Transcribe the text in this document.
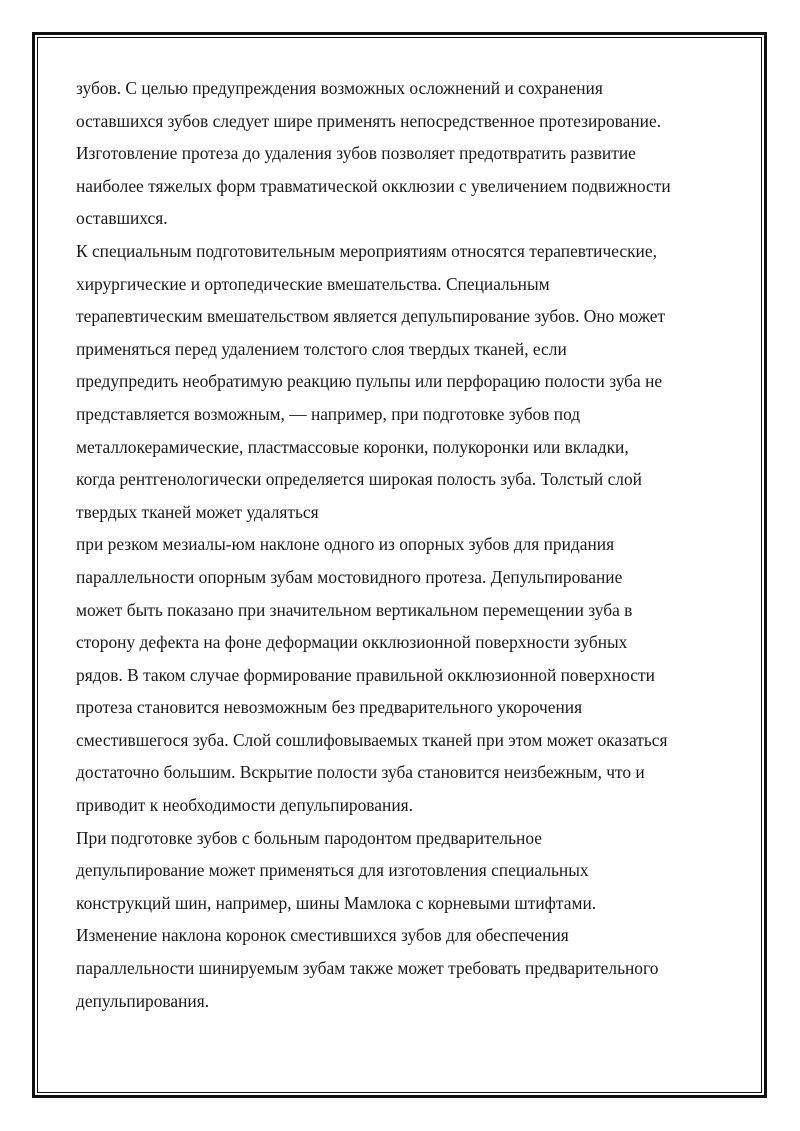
зубов. С целью предупреждения возможных осложнений и сохранения
оставшихся зубов следует шире применять непосредственное протезирование.
Изготовление протеза до удаления зубов позволяет предотвратить развитие
наиболее тяжелых форм травматической окклюзии с увеличением подвижности
оставшихся.
К специальным подготовительным мероприятиям относятся терапевтические,
хирургические и ортопедические вмешательства. Специальным
терапевтическим вмешательством является депульпирование зубов. Оно может
применяться перед удалением толстого слоя твердых тканей, если
предупредить необратимую реакцию пульпы или перфорацию полости зуба не
представляется возможным, — например, при подготовке зубов под
металлокерамические, пластмассовые коронки, полукоронки или вкладки,
когда рентгенологически определяется широкая полость зуба. Толстый слой
твердых тканей может удаляться
при резком мезиалы-юм наклоне одного из опорных зубов для придания
параллельности опорным зубам мостовидного протеза. Депульпирование
может быть показано при значительном вертикальном перемещении зуба в
сторону дефекта на фоне деформации окклюзионной поверхности зубных
рядов. В таком случае формирование правильной окклюзионной поверхности
протеза становится невозможным без предварительного укорочения
сместившегося зуба. Слой сошлифовываемых тканей при этом может оказаться
достаточно большим. Вскрытие полости зуба становится неизбежным, что и
приводит к необходимости депульпирования.
При подготовке зубов с больным пародонтом предварительное
депульпирование может применяться для изготовления специальных
конструкций шин, например, шины Мамлока с корневыми штифтами.
Изменение наклона коронок сместившихся зубов для обеспечения
параллельности шинируемым зубам также может требовать предварительного
депульпирования.
